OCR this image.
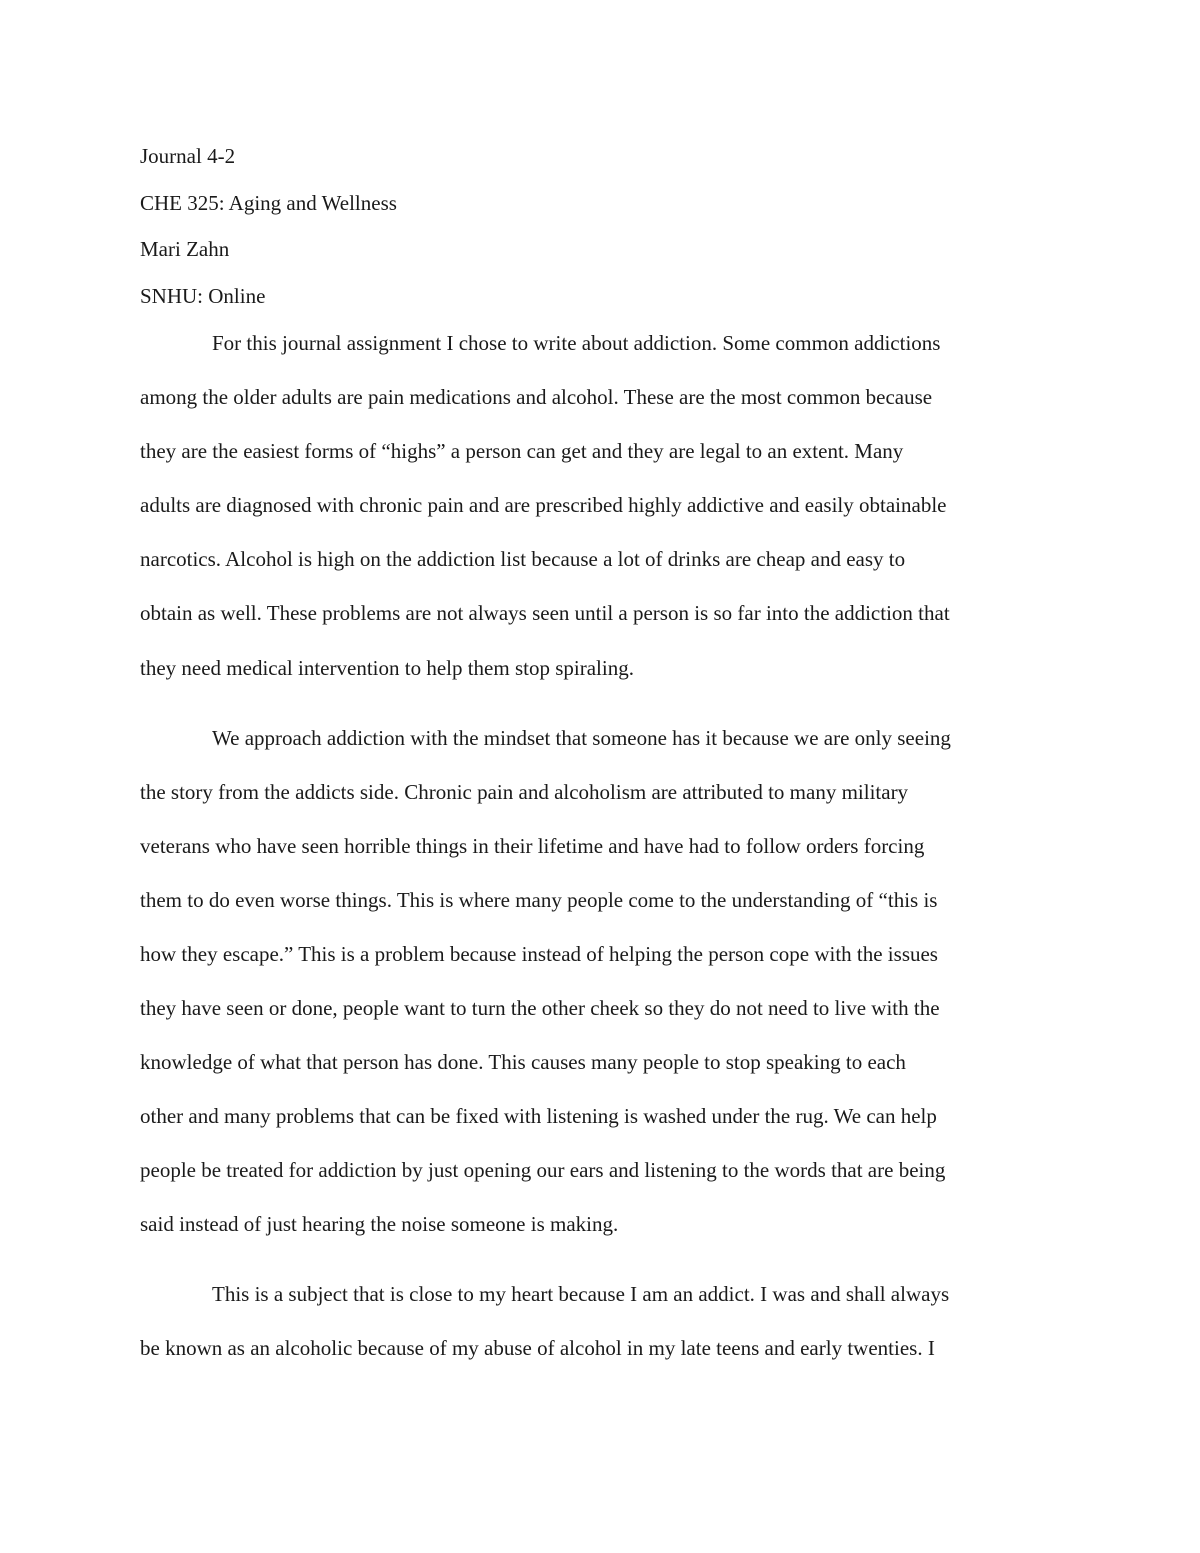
Journal 4-2
CHE 325: Aging and Wellness
Mari Zahn
SNHU: Online
For this journal assignment I chose to write about addiction. Some common addictions
among the older adults are pain medications and alcohol. These are the most common because
they are the easiest forms of “highs” a person can get and they are legal to an extent. Many
adults are diagnosed with chronic pain and are prescribed highly addictive and easily obtainable
narcotics. Alcohol is high on the addiction list because a lot of drinks are cheap and easy to
obtain as well. These problems are not always seen until a person is so far into the addiction that
they need medical intervention to help them stop spiraling.
We approach addiction with the mindset that someone has it because we are only seeing
the story from the addicts side. Chronic pain and alcoholism are attributed to many military
veterans who have seen horrible things in their lifetime and have had to follow orders forcing
them to do even worse things. This is where many people come to the understanding of “this is
how they escape.” This is a problem because instead of helping the person cope with the issues
they have seen or done, people want to turn the other cheek so they do not need to live with the
knowledge of what that person has done. This causes many people to stop speaking to each
other and many problems that can be fixed with listening is washed under the rug. We can help
people be treated for addiction by just opening our ears and listening to the words that are being
said instead of just hearing the noise someone is making.
This is a subject that is close to my heart because I am an addict. I was and shall always
be known as an alcoholic because of my abuse of alcohol in my late teens and early twenties. I
